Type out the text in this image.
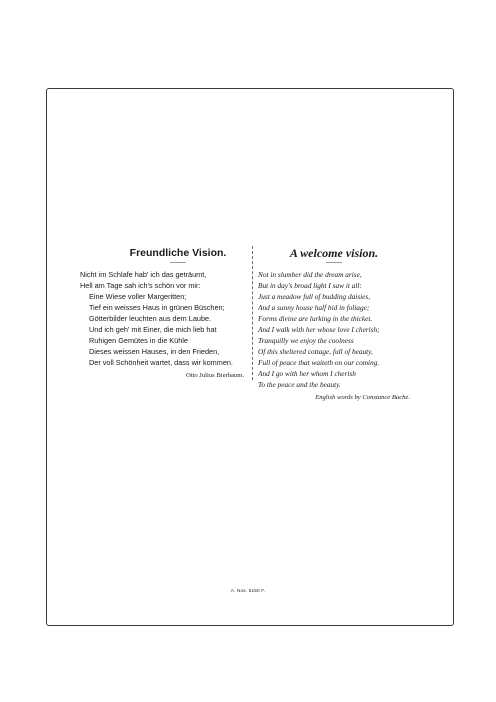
Freundliche Vision.
Nicht im Schlafe hab' ich das geträumt,
Hell am Tage sah ich's schön vor mir:
Eine Wiese voller Margeritten;
Tief ein weisses Haus in grünen Büschen;
Götterbilder leuchten aus dem Laube.
Und ich geh' mit Einer, die mich lieb hat
Ruhigen Gemütes in die Kühle
Dieses weissen Hauses, in den Frieden,
Der voll Schönheit wartet, dass wir kommen.
Otto Julius Bierbaum.
A welcome vision.
Not in slumber did the dream arise,
But in day's broad light I saw it all:
Just a meadow full of budding daisies,
And a sunny house half hid in foliage;
Forms divine are lurking in the thicket.
And I walk with her whose love I cherish;
Tranquilly we enjoy the coolness
Of this sheltered cottage, full of beauty,
Full of peace that waiteth on our coming.
And I go with her whom I cherish
To the peace and the beauty.
English words by Constance Bache.
A. Nos. 5150 F.
